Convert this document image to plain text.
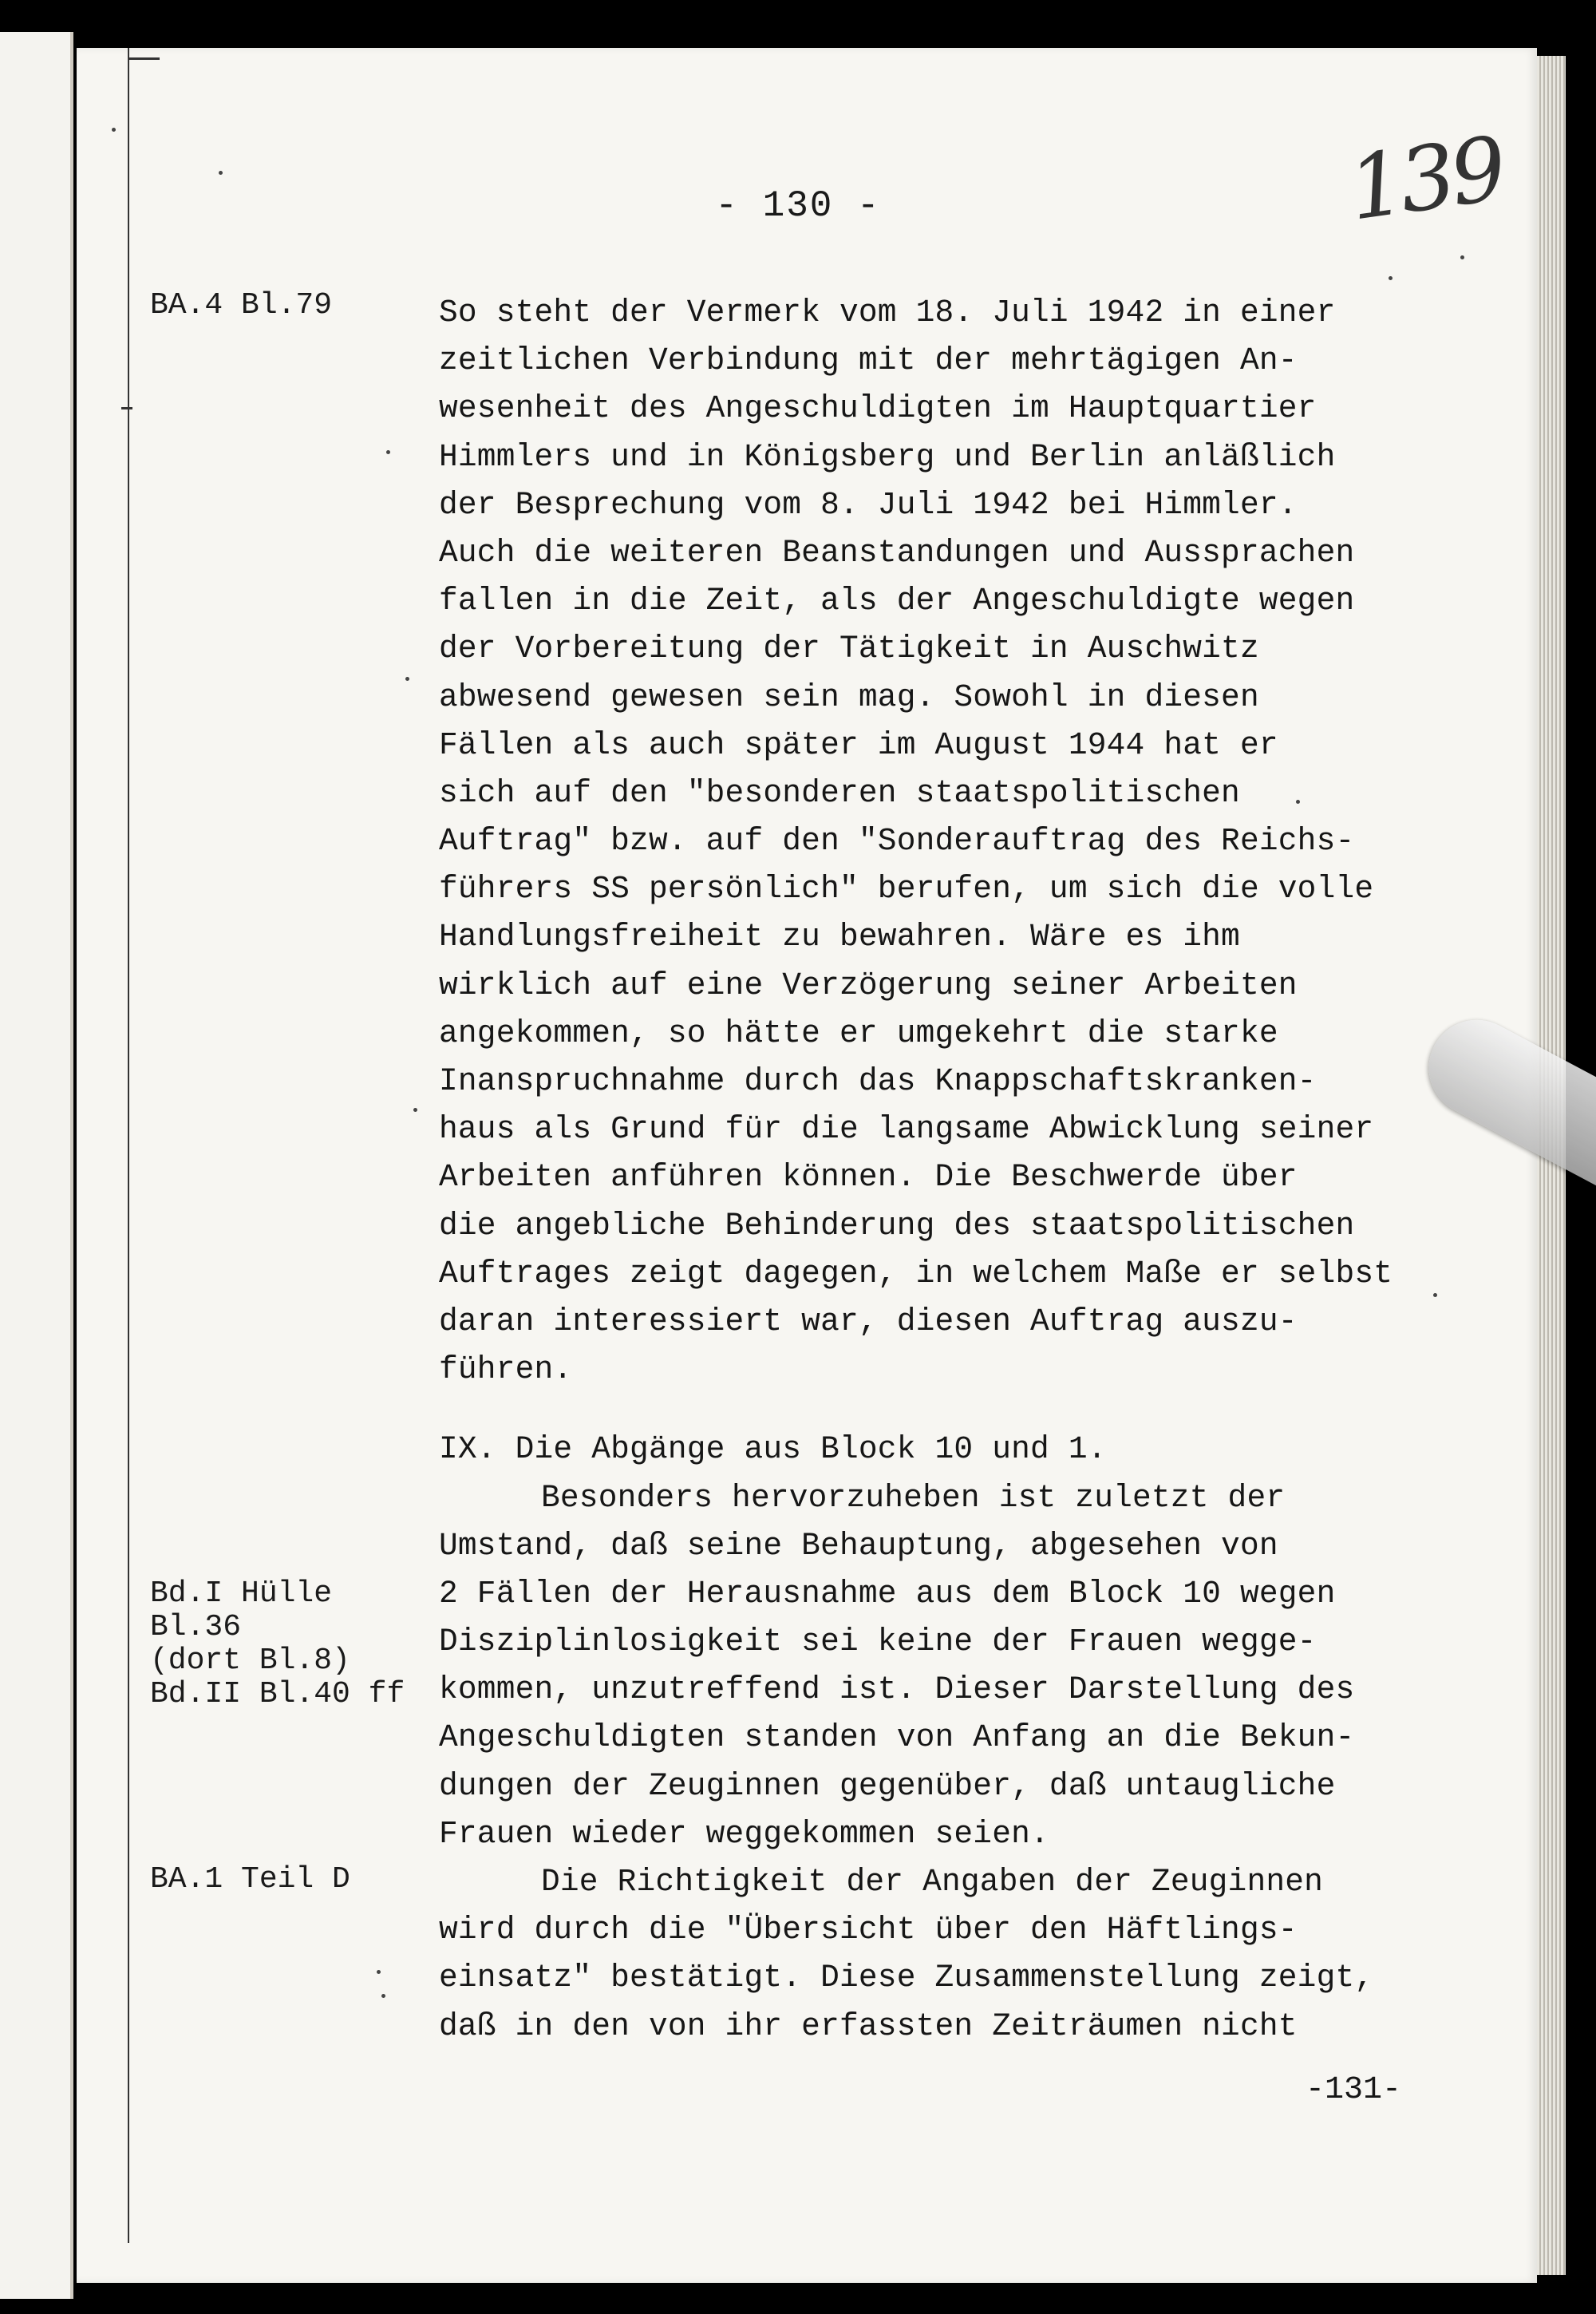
139
- 130 -
BA.4 Bl.79
Bd.I Hülle
Bl.36
(dort Bl.8)
Bd.II Bl.40 ff
BA.1 Teil D
So steht der Vermerk vom 18. Juli 1942 in einer
zeitlichen Verbindung mit der mehrtägigen An-
wesenheit des Angeschuldigten im Hauptquartier
Himmlers und in Königsberg und Berlin anläßlich
der Besprechung vom 8. Juli 1942 bei Himmler.
Auch die weiteren Beanstandungen und Aussprachen
fallen in die Zeit, als der Angeschuldigte wegen
der Vorbereitung der Tätigkeit in Auschwitz
abwesend gewesen sein mag. Sowohl in diesen
Fällen als auch später im August 1944 hat er
sich auf den "besonderen staatspolitischen
Auftrag" bzw. auf den "Sonderauftrag des Reichs-
führers SS persönlich" berufen, um sich die volle
Handlungsfreiheit zu bewahren. Wäre es ihm
wirklich auf eine Verzögerung seiner Arbeiten
angekommen, so hätte er umgekehrt die starke
Inanspruchnahme durch das Knappschaftskranken-
haus als Grund für die langsame Abwicklung seiner
Arbeiten anführen können. Die Beschwerde über
die angebliche Behinderung des staatspolitischen
Auftrages zeigt dagegen, in welchem Maße er selbst
daran interessiert war, diesen Auftrag auszu-
führen.
IX. Die Abgänge aus Block 10 und 1.
Besonders hervorzuheben ist zuletzt der
Umstand, daß seine Behauptung, abgesehen von
2 Fällen der Herausnahme aus dem Block 10 wegen
Disziplinlosigkeit sei keine der Frauen wegge-
kommen, unzutreffend ist. Dieser Darstellung des
Angeschuldigten standen von Anfang an die Bekun-
dungen der Zeuginnen gegenüber, daß untaugliche
Frauen wieder weggekommen seien.
Die Richtigkeit der Angaben der Zeuginnen
wird durch die "Übersicht über den Häftlings-
einsatz" bestätigt. Diese Zusammenstellung zeigt,
daß in den von ihr erfassten Zeiträumen nicht
-131-
